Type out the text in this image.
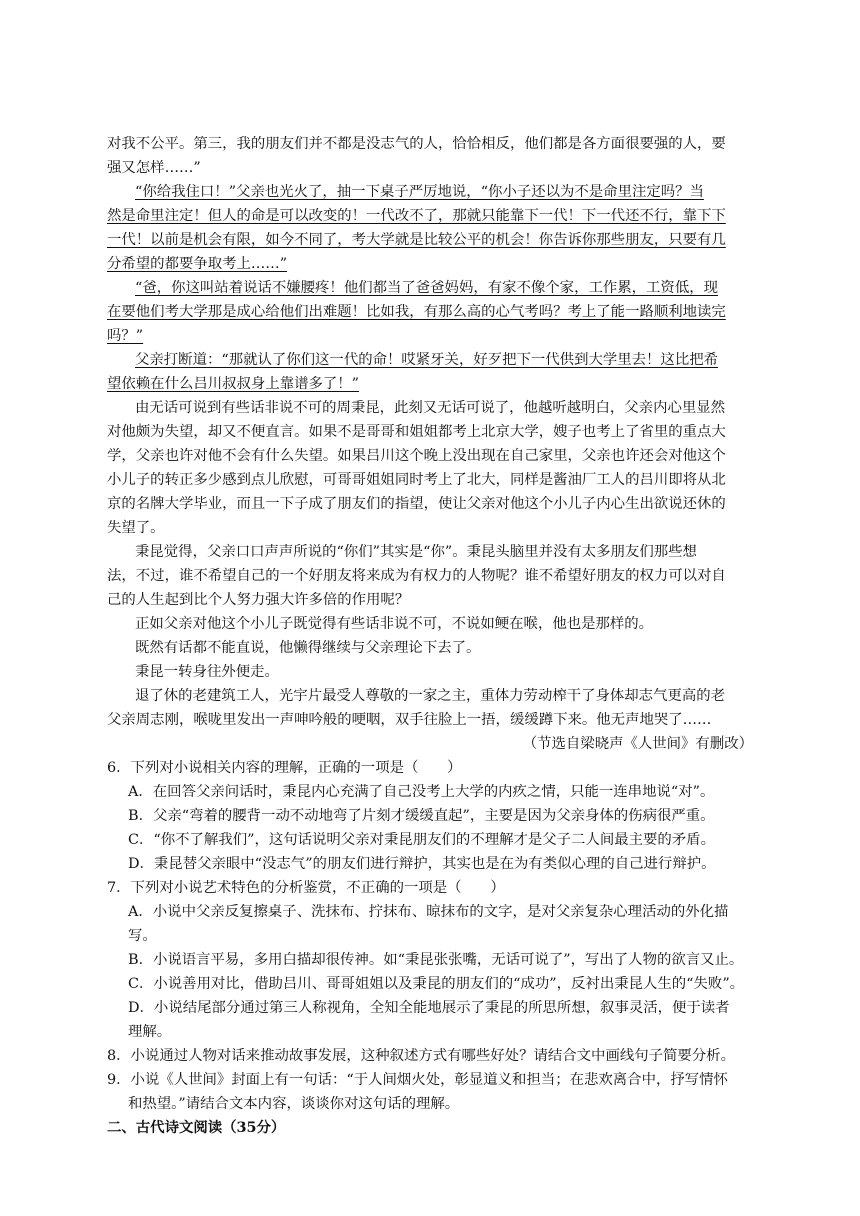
对我不公平。第三，我的朋友们并不都是没志气的人，恰恰相反，他们都是各方面很要强的人，要
强又怎样……”
“你给我住口！”父亲也光火了，抽一下桌子严厉地说，“你小子还以为不是命里注定吗？当
然是命里注定！但人的命是可以改变的！一代改不了，那就只能靠下一代！下一代还不行，靠下下
一代！以前是机会有限，如今不同了，考大学就是比较公平的机会！你告诉你那些朋友，只要有几
分希望的都要争取考上……”
“爸，你这叫站着说话不嫌腰疼！他们都当了爸爸妈妈，有家不像个家，工作累，工资低，现
在要他们考大学那是成心给他们出难题！比如我，有那么高的心气考吗？考上了能一路顺利地读完
吗？”
父亲打断道：“那就认了你们这一代的命！哎紧牙关，好歹把下一代供到大学里去！这比把希
望依赖在什么吕川叔叔身上靠谱多了！”
由无话可说到有些话非说不可的周秉昆，此刻又无话可说了，他越听越明白，父亲内心里显然
对他颇为失望，却又不便直言。如果不是哥哥和姐姐都考上北京大学，嫂子也考上了省里的重点大
学，父亲也许对他不会有什么失望。如果吕川这个晚上没出现在自己家里，父亲也许还会对他这个
小儿子的转正多少感到点儿欣慰，可哥哥姐姐同时考上了北大，同样是酱油厂工人的吕川即将从北
京的名牌大学毕业，而且一下子成了朋友们的指望，使让父亲对他这个小儿子内心生出欲说还休的
失望了。
秉昆觉得，父亲口口声声所说的“你们”其实是“你”。秉昆头脑里并没有太多朋友们那些想
法，不过，谁不希望自己的一个好朋友将来成为有权力的人物呢？谁不希望好朋友的权力可以对自
己的人生起到比个人努力强大许多倍的作用呢？
正如父亲对他这个小儿子既觉得有些话非说不可，不说如鲠在喉，他也是那样的。
既然有话都不能直说，他懒得继续与父亲理论下去了。
秉昆一转身往外便走。
退了休的老建筑工人，光宇片最受人尊敬的一家之主，重体力劳动榨干了身体却志气更高的老
父亲周志刚，喉咙里发出一声呻吟般的哽咽，双手往脸上一捂，缓缓蹲下来。他无声地哭了……
（节选自梁晓声《人世间》有删改）
6．下列对小说相关内容的理解，正确的一项是（　　）
A．在回答父亲问话时，秉昆内心充满了自己没考上大学的内疚之情，只能一连串地说“对”。
B．父亲“弯着的腰背一动不动地弯了片刻才缓缓直起”，主要是因为父亲身体的伤病很严重。
C．“你不了解我们”，这句话说明父亲对秉昆朋友们的不理解才是父子二人间最主要的矛盾。
D．秉昆替父亲眼中“没志气”的朋友们进行辩护，其实也是在为有类似心理的自己进行辩护。
7．下列对小说艺术特色的分析鉴赏，不正确的一项是（　　）
A．小说中父亲反复擦桌子、洗抹布、拧抹布、晾抹布的文字，是对父亲复杂心理活动的外化描
写。
B．小说语言平易，多用白描却很传神。如“秉昆张张嘴，无话可说了”，写出了人物的欲言又止。
C．小说善用对比，借助吕川、哥哥姐姐以及秉昆的朋友们的“成功”，反衬出秉昆人生的“失败”。
D．小说结尾部分通过第三人称视角，全知全能地展示了秉昆的所思所想，叙事灵活，便于读者
理解。
8．小说通过人物对话来推动故事发展，这种叙述方式有哪些好处？请结合文中画线句子简要分析。
9．小说《人世间》封面上有一句话：“于人间烟火处，彰显道义和担当；在悲欢离合中，抒写情怀
和热望。”请结合文本内容，谈谈你对这句话的理解。
二、古代诗文阅读（35分）
